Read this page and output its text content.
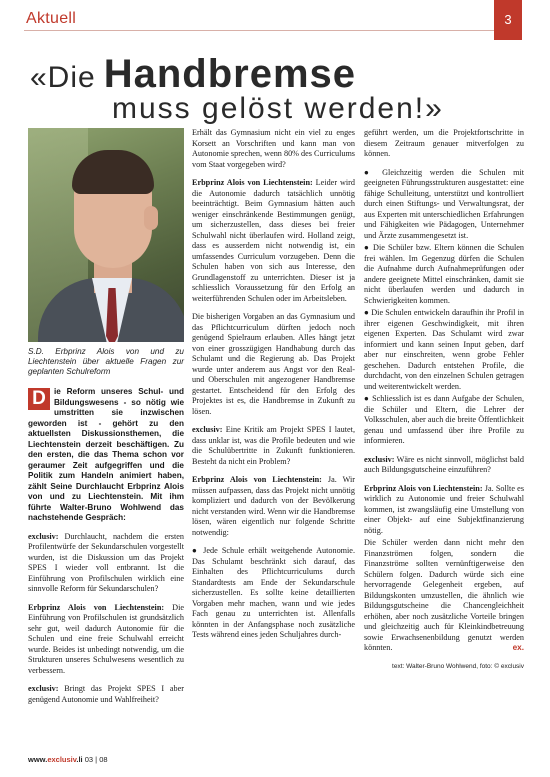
Aktuell	3
«Die Handbremse
muss gelöst werden!»
S.D. Erbprinz Alois von und zu Liechtenstein über aktuelle Fragen zur geplanten Schulreform

D ie Reform unseres Schul- und Bildungswesens - so nötig wie umstritten sie inzwischen geworden ist - gehört zu den aktuellsten Diskussionsthemen, die Liechtenstein derzeit beschäftigen. Zu den ersten, die das Thema schon vor geraumer Zeit aufgegriffen und die Politik zum Handeln animiert haben, zählt Seine Durchlaucht Erbprinz Alois von und zu Liechtenstein. Mit ihm führte Walter-Bruno Wohlwend das nachstehende Gespräch:

exclusiv: Durchlaucht, nachdem die ersten Profilentwürfe der Sekundarschulen vorgestellt wurden, ist die Diskussion um das Projekt SPES I wieder voll entbrannt. Ist die Einführung von Profilschulen wirklich eine sinnvolle Reform für Sekundarschulen?

Erbprinz Alois von Liechtenstein: Die Einführung von Profilschulen ist grundsätzlich sehr gut, weil dadurch Autonomie für die Schulen und eine freie Schulwahl erreicht wurde. Beides ist unbedingt notwendig, um die Strukturen unseres Schulwesens wesentlich zu verbessern.

exclusiv: Bringt das Projekt SPES I aber genügend Autonomie und Wahlfreiheit?

Erhält das Gymnasium nicht ein viel zu enges Korsett an Vorschriften und kann man von Autonomie sprechen, wenn 80% des Curriculums vom Staat vorgegeben wird?

Erbprinz Alois von Liechtenstein: Leider wird die Autonomie dadurch tatsächlich unnötig beeinträchtigt. Beim Gymnasium hätten auch weniger einschränkende Bestimmungen genügt, um sicherzustellen, dass dieses bei freier Schulwahl nicht überlaufen wird. Holland zeigt, dass es ausserdem nicht notwendig ist, ein umfassendes Curriculum vorzugeben. Denn die Schulen haben von sich aus Interesse, den Grundlagenstoff zu unterrichten. Dieser ist ja schliesslich Voraussetzung für den Erfolg an weiterführenden Schulen oder im Arbeitsleben.

Die bisherigen Vorgaben an das Gymnasium und das Pflichtcurriculum dürften jedoch noch genügend Spielraum erlauben. Alles hängt jetzt von einer grosszügigen Handhabung durch das Schulamt und die Regierung ab. Das Projekt wurde unter anderem aus Angst vor den Real- und Oberschulen mit angezogener Handbremse gestartet. Entscheidend für den Erfolg des Projektes ist es, die Handbremse in Zukunft zu lösen.

exclusiv: Eine Kritik am Projekt SPES I lautet, dass unklar ist, was die Profile bedeuten und wie die Schulübertritte in Zukunft funktionieren. Besteht da nicht ein Problem?

Erbprinz Alois von Liechtenstein: Ja. Wir müssen aufpassen, dass das Projekt nicht unnötig kompliziert und dadurch von der Bevölkerung nicht verstanden wird. Wenn wir die Handbremse lösen, wären eigentlich nur folgende Schritte notwendig:

● Jede Schule erhält weitgehende Autonomie. Das Schulamt beschränkt sich darauf, das Einhalten des Pflichtcurriculums durch Standardtests am Ende der Sekundarschule sicherzustellen. Es sollte keine detaillierten Vorgaben mehr machen, wann und wie jedes Fach genau zu unterrichten ist. Allenfalls könnten in der Anfangsphase noch zusätzliche Tests während eines jeden Schuljahres durch-

geführt werden, um die Projektfortschritte in diesem Zeitraum genauer mitverfolgen zu können.

● Gleichzeitig werden die Schulen mit geeigneten Führungsstrukturen ausgestattet: eine fähige Schulleitung, unterstützt und kontrolliert durch einen Stiftungs- und Verwaltungsrat, der aus Experten mit unterschiedlichen Erfahrungen und Fähigkeiten wie Pädagogen, Unternehmer und Ärzte zusammengesetzt ist.

● Die Schüler bzw. Eltern können die Schulen frei wählen. Im Gegenzug dürfen die Schulen die Aufnahme durch Aufnahmeprüfungen oder andere geeignete Mittel einschränken, damit sie nicht überlaufen werden und dadurch in Schwierigkeiten kommen.

● Die Schulen entwickeln daraufhin ihr Profil in ihrer eigenen Geschwindigkeit, mit ihren eigenen Experten. Das Schulamt wird zwar informiert und kann seinen Input geben, darf aber nur einschreiten, wenn grobe Fehler geschehen. Dadurch entstehen Profile, die durchdacht, von den einzelnen Schulen getragen und weiterentwickelt werden.

● Schliesslich ist es dann Aufgabe der Schulen, die Schüler und Eltern, die Lehrer der Volksschulen, aber auch die breite Öffentlichkeit genau und umfassend über ihre Profile zu informieren.

exclusiv: Wäre es nicht sinnvoll, möglichst bald auch Bildungsgutscheine einzuführen?

Erbprinz Alois von Liechtenstein: Ja. Sollte es wirklich zu Autonomie und freier Schulwahl kommen, ist zwangsläufig eine Umstellung von einer Objekt- auf eine Subjektfinanzierung nötig.

Die Schüler werden dann nicht mehr den Finanzströmen folgen, sondern die Finanzströme sollten vernünftigerweise den Schülern folgen. Dadurch würde sich eine hervorragende Gelegenheit ergeben, auf Bildungskonten umzustellen, die ähnlich wie Bildungsgutscheine die Chancengleichheit erhöhen, aber noch zusätzliche Vorteile bringen und gleichzeitig auch für Kleinkindbetreuung sowie Erwachsenenbildung genutzt werden könnten.	ex.

text: Walter-Bruno Wohlwend, foto: © exclusiv
www.exclusiv.li 03 | 08
